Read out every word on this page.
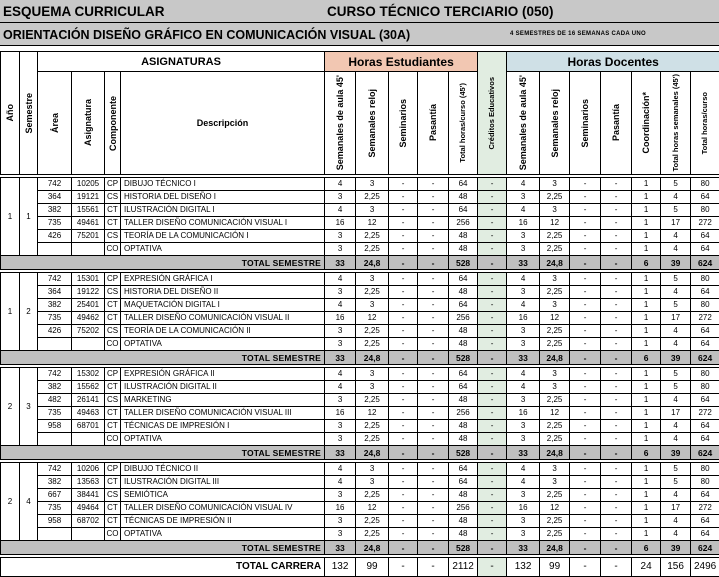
ESQUEMA CURRICULAR	CURSO TÉCNICO TERCIARIO (050)
ORIENTACIÓN DISEÑO GRÁFICO EN COMUNICACIÓN VISUAL (30A)	4 SEMESTRES DE 16 SEMANAS CADA UNO
Año	Semestre	ASIGNATURAS				Horas Estudiantes					Créditos Educativos	Horas Docentes						

		Área	Asignatura	Componente	Descripción	Semanales de aula 45'	Semanales reloj	Seminarios	Pasantía	Total horas/curso (45')		Semanales de aula 45'	Semanales reloj	Seminarios	Pasantía	Coordinación*	Total horas semanales (45')	Total horas/curso

1	1	742	10205	CP	DIBUJO TÉCNICO I	4	3	-	-	64	-	4	3	-	-	1	5	80
		364	19121	CS	HISTORIA DEL DISEÑO I	3	2,25	-	-	48	-	3	2,25	-	-	1	4	64
		382	15561	CT	ILUSTRACIÓN DIGITAL I	4	3	-	-	64	-	4	3	-	-	1	5	80
		735	49461	CT	TALLER DISEÑO COMUNICACIÓN VISUAL I	16	12	-	-	256	-	16	12	-	-	1	17	272
		426	75201	CS	TEORÍA DE LA COMUNICACIÓN I	3	2,25	-	-	48	-	3	2,25	-	-	1	4	64
				CO	OPTATIVA	3	2,25	-	-	48	-	3	2,25	-	-	1	4	64
TOTAL SEMESTRE						33	24,8	-	-	528	-	33	24,8	-	-	6	39	624

1	2	742	15301	CP	EXPRESIÓN GRÁFICA I	4	3	-	-	64	-	4	3	-	-	1	5	80
		364	19122	CS	HISTORIA DEL DISEÑO II	3	2,25	-	-	48	-	3	2,25	-	-	1	4	64
		382	25401	CT	MAQUETACIÓN DIGITAL I	4	3	-	-	64	-	4	3	-	-	1	5	80
		735	49462	CT	TALLER DISEÑO COMUNICACIÓN VISUAL II	16	12	-	-	256	-	16	12	-	-	1	17	272
		426	75202	CS	TEORÍA DE LA COMUNICACIÓN II	3	2,25	-	-	48	-	3	2,25	-	-	1	4	64
				CO	OPTATIVA	3	2,25	-	-	48	-	3	2,25	-	-	1	4	64
TOTAL SEMESTRE						33	24,8	-	-	528	-	33	24,8	-	-	6	39	624

2	3	742	15302	CP	EXPRESIÓN GRÁFICA II	4	3	-	-	64	-	4	3	-	-	1	5	80
		382	15562	CT	ILUSTRACIÓN DIGITAL II	4	3	-	-	64	-	4	3	-	-	1	5	80
		482	26141	CS	MARKETING	3	2,25	-	-	48	-	3	2,25	-	-	1	4	64
		735	49463	CT	TALLER DISEÑO COMUNICACIÓN VISUAL III	16	12	-	-	256	-	16	12	-	-	1	17	272
		958	68701	CT	TÉCNICAS DE IMPRESIÓN I	3	2,25	-	-	48	-	3	2,25	-	-	1	4	64
				CO	OPTATIVA	3	2,25	-	-	48	-	3	2,25	-	-	1	4	64
TOTAL SEMESTRE						33	24,8	-	-	528	-	33	24,8	-	-	6	39	624

2	4	742	10206	CP	DIBUJO TÉCNICO II	4	3	-	-	64	-	4	3	-	-	1	5	80
		382	13563	CT	ILUSTRACIÓN DIGITAL III	4	3	-	-	64	-	4	3	-	-	1	5	80
		667	38441	CS	SEMIÓTICA	3	2,25	-	-	48	-	3	2,25	-	-	1	4	64
		735	49464	CT	TALLER DISEÑO COMUNICACIÓN VISUAL IV	16	12	-	-	256	-	16	12	-	-	1	17	272
		958	68702	CT	TÉCNICAS DE IMPRESIÓN II	3	2,25	-	-	48	-	3	2,25	-	-	1	4	64
				CO	OPTATIVA	3	2,25	-	-	48	-	3	2,25	-	-	1	4	64
TOTAL SEMESTRE						33	24,8	-	-	528	-	33	24,8	-	-	6	39	624

TOTAL CARRERA						132	99	-	-	2112	-	132	99	-	-	24	156	2496
